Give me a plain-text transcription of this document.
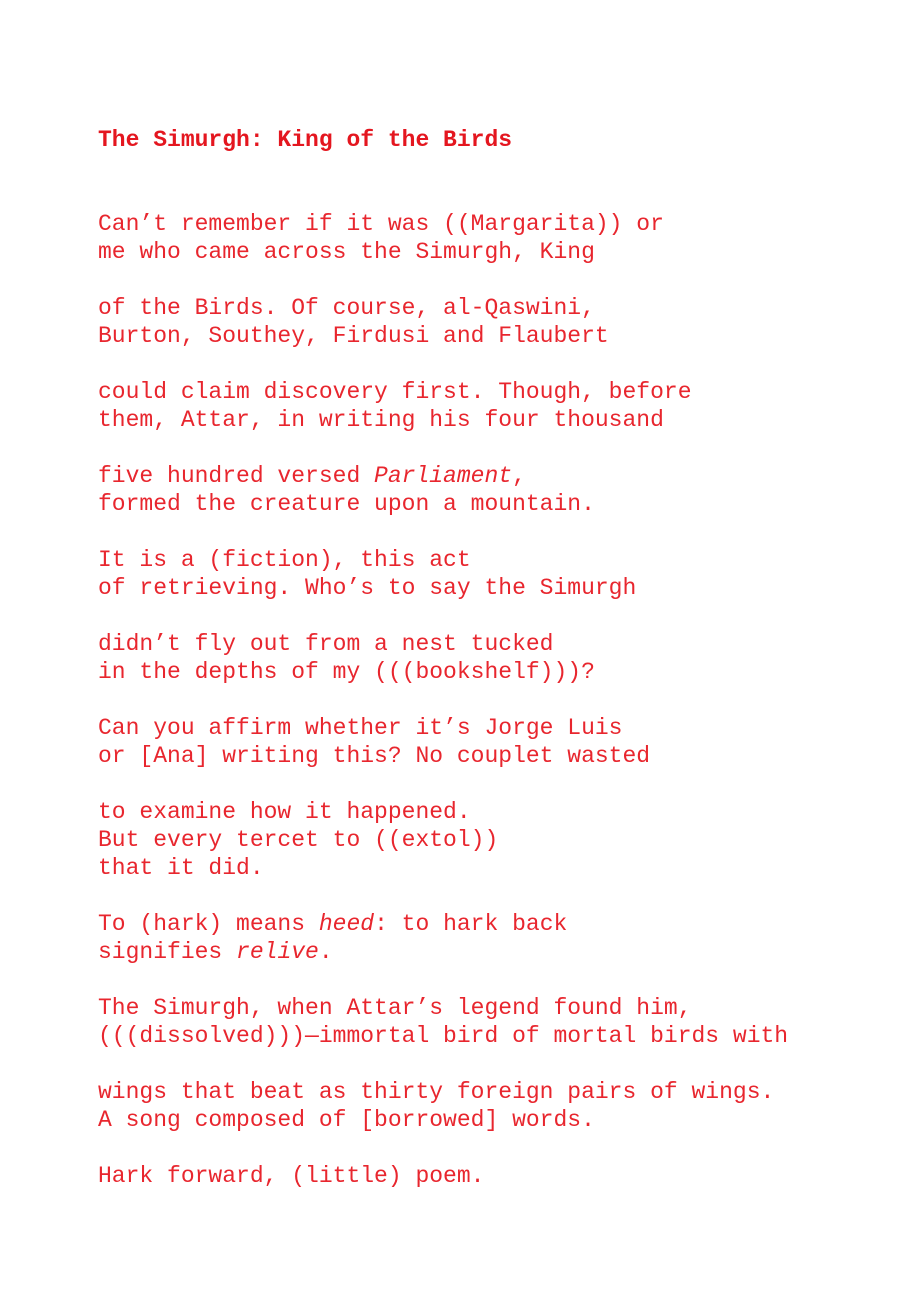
The Simurgh: King of the Birds

Can’t remember if it was ((Margarita)) or
me who came across the Simurgh, King

of the Birds. Of course, al-Qaswini,
Burton, Southey, Firdusi and Flaubert

could claim discovery first. Though, before
them, Attar, in writing his four thousand

five hundred versed Parliament,
formed the creature upon a mountain.

It is a (fiction), this act
of retrieving. Who’s to say the Simurgh

didn’t fly out from a nest tucked
in the depths of my (((bookshelf)))?

Can you affirm whether it’s Jorge Luis
or [Ana] writing this? No couplet wasted

to examine how it happened.
But every tercet to ((extol))
that it did.

To (hark) means heed: to hark back
signifies relive.

The Simurgh, when Attar’s legend found him,
(((dissolved)))—immortal bird of mortal birds with

wings that beat as thirty foreign pairs of wings.
A song composed of [borrowed] words.

Hark forward, (little) poem.
